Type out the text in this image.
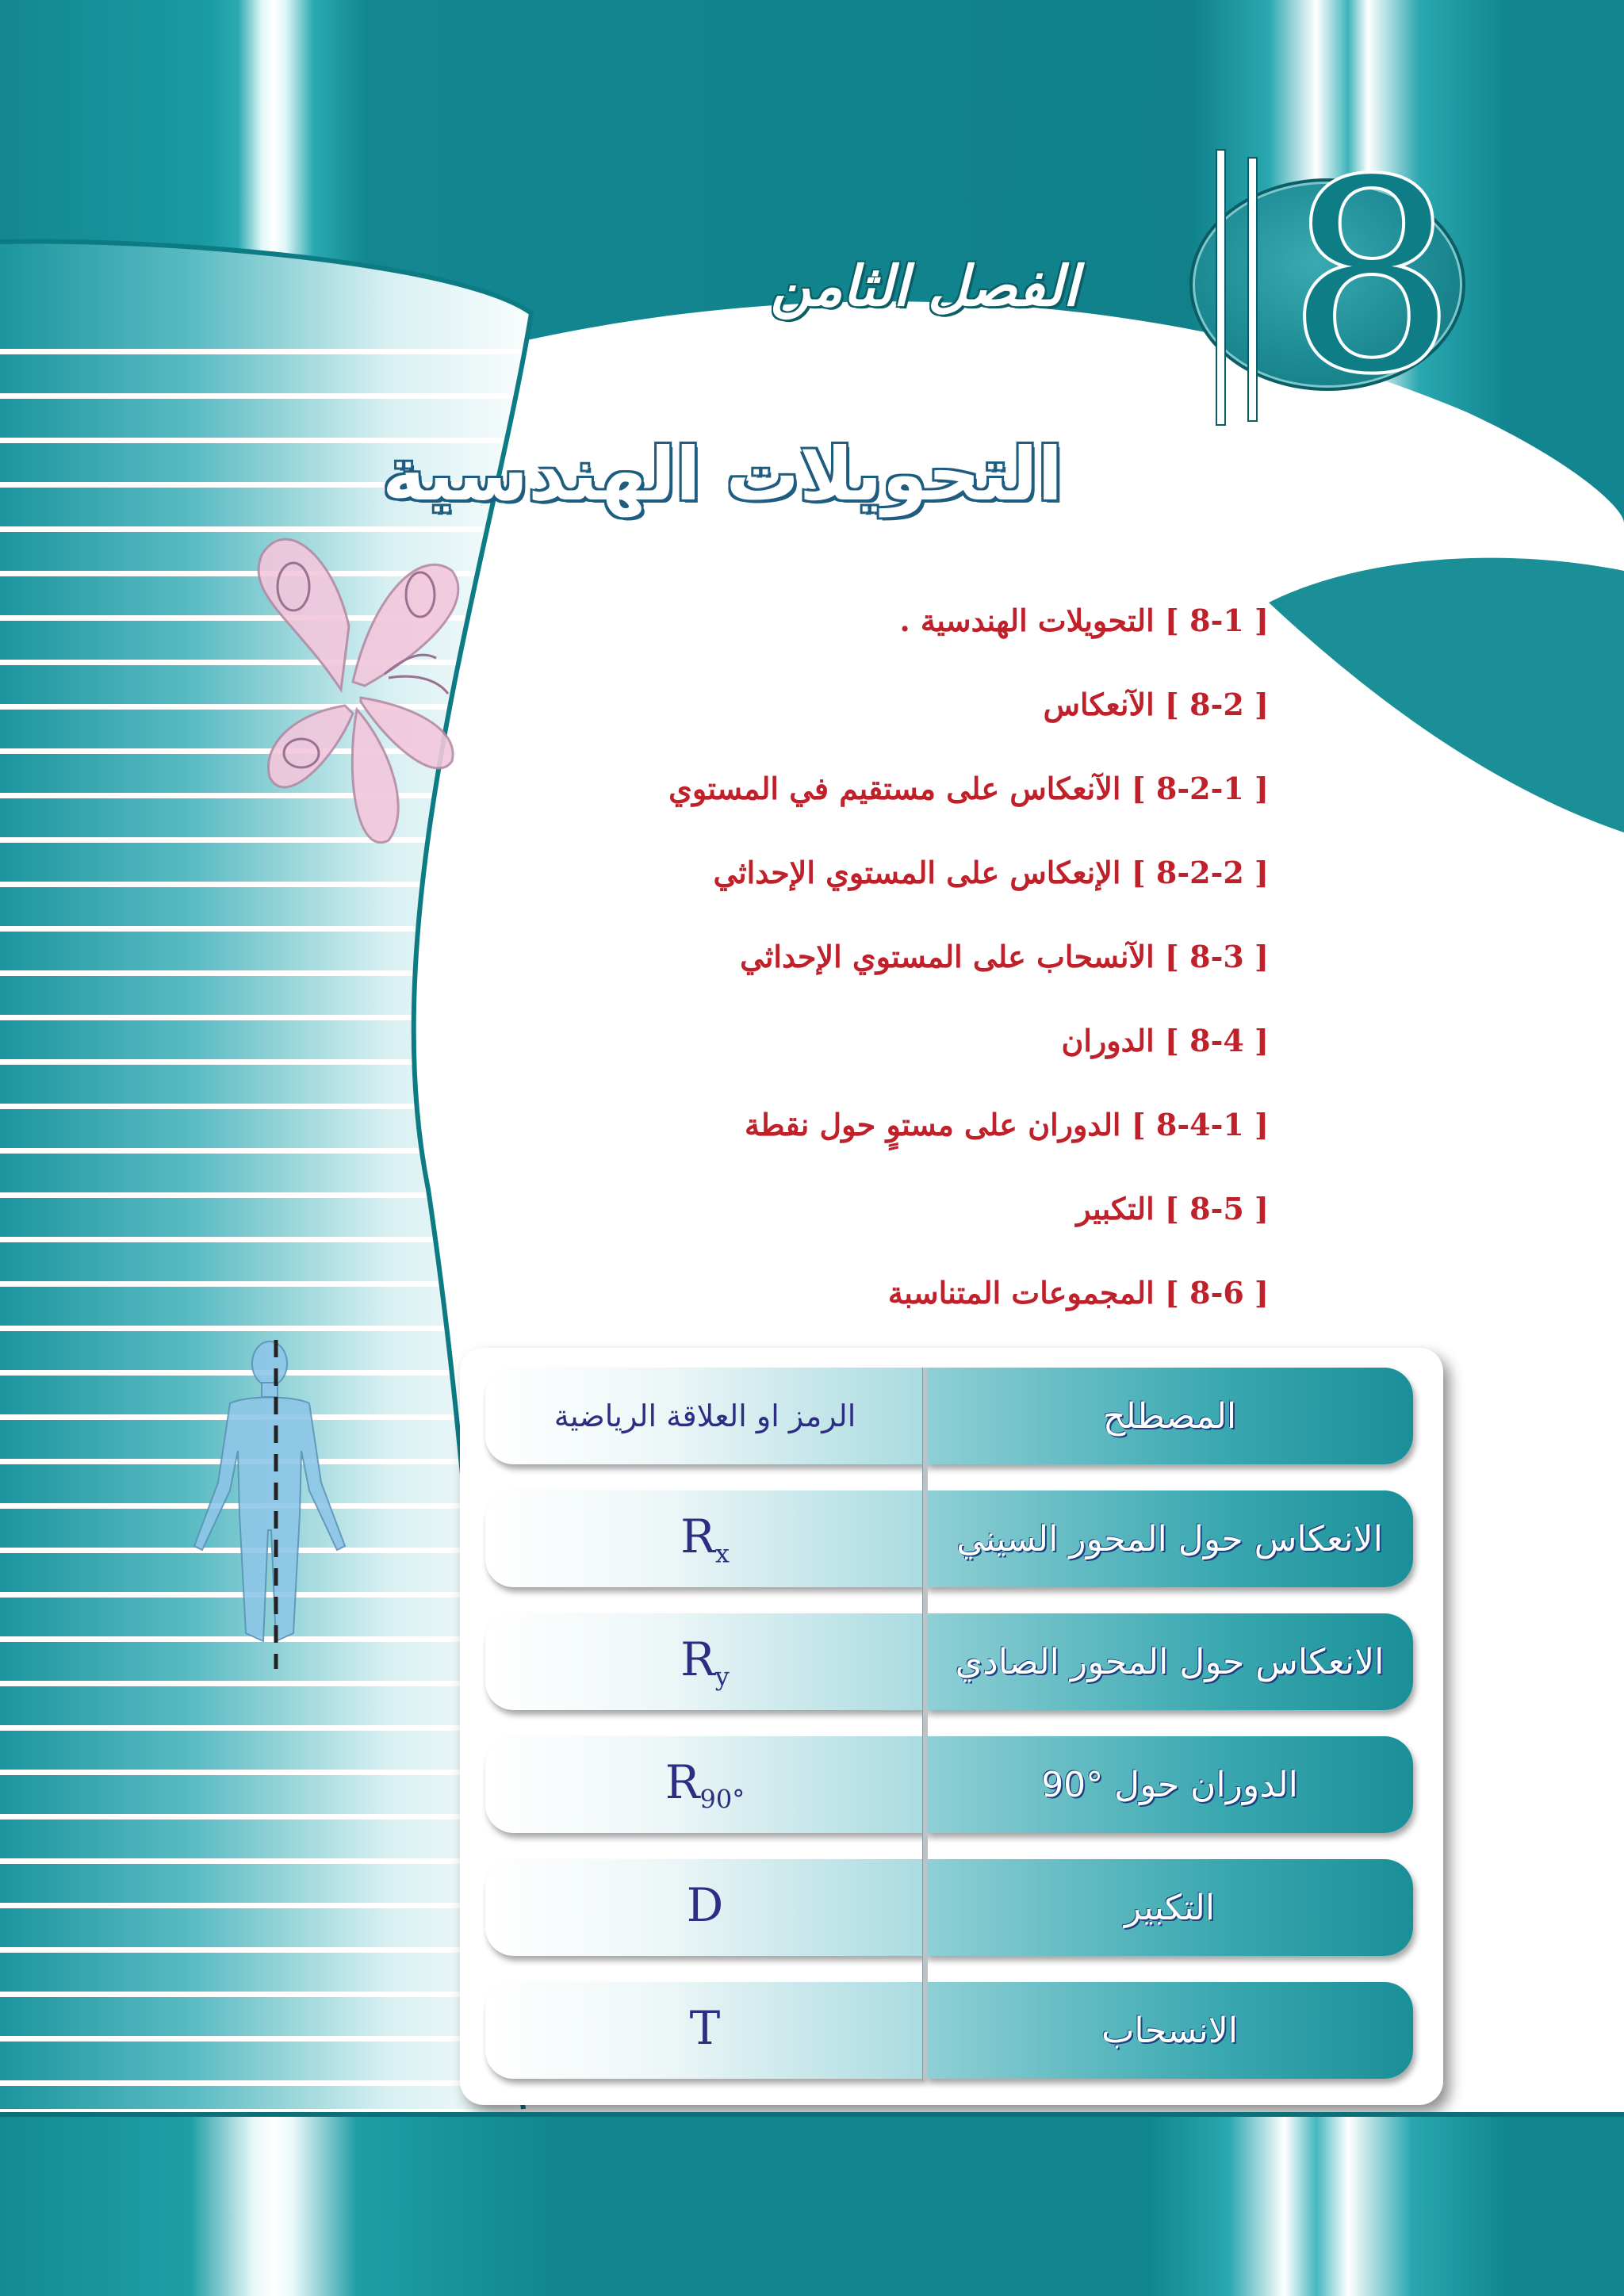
8
الفصل الثامن
التحويلات الهندسية
[ 8-1 ] التحويلات الهندسية .
[ 8-2 ] الآنعكاس
[ 8-2-1 ] الآنعكاس على مستقيم في المستوي
[ 8-2-2 ] الإنعكاس على المستوي الإحداثي
[ 8-3 ] الآنسحاب على المستوي الإحداثي
[ 8-4 ] الدوران
[ 8-4-1 ] الدوران على مستوٍ حول نقطة
[ 8-5 ] التكبير
[ 8-6 ] المجموعات المتناسبة
الرمز او العلاقة الرياضية	المصطلح
$R_x$	الانعكاس حول المحور السيني
$R_y$	الانعكاس حول المحور الصادي
$R_{90^\circ}$	الدوران حول °90
D	التكبير
T	الانسحاب
